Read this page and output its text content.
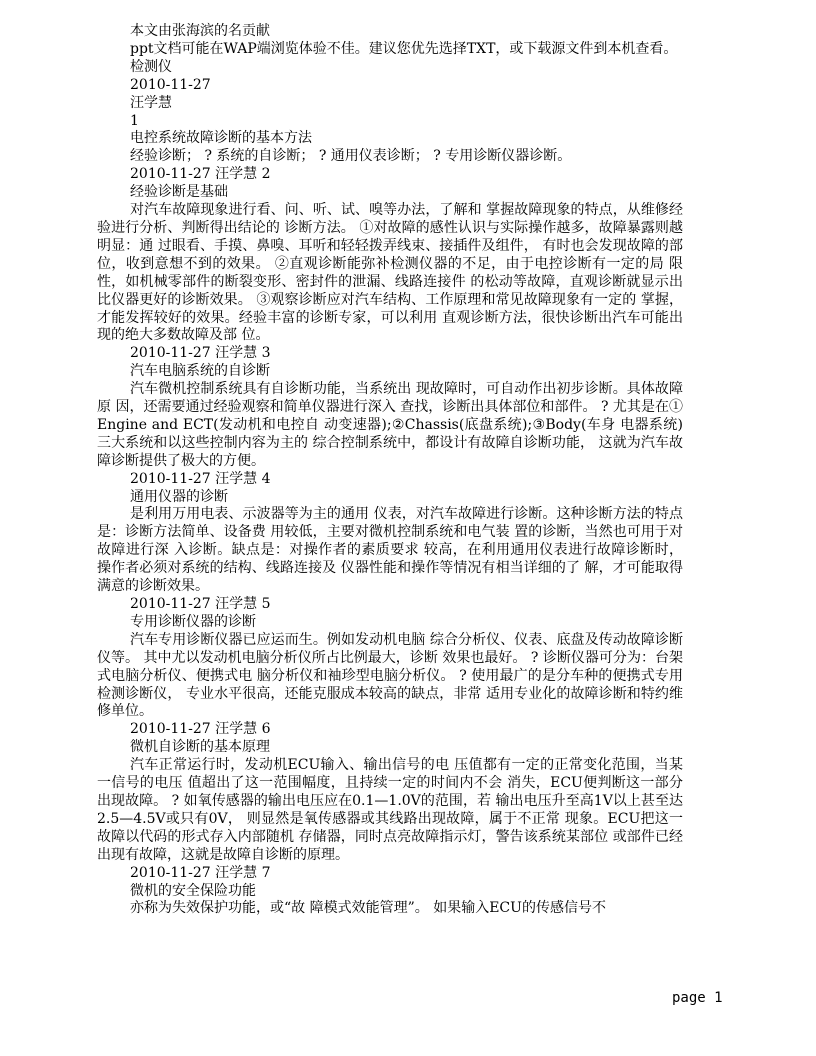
本文由张海滨的名贡献
ppt文档可能在WAP端浏览体验不佳。建议您优先选择TXT，或下载源文件到本机查看。
检测仪
2010-11-27
汪学慧
1
电控系统故障诊断的基本方法
经验诊断； ? 系统的自诊断； ? 通用仪表诊断； ? 专用诊断仪器诊断。
2010-11-27 汪学慧 2
经验诊断是基础
对汽车故障现象进行看、问、听、试、嗅等办法，了解和 掌握故障现象的特点，从维修经验进行分析、判断得出结论的 诊断方法。 ①对故障的感性认识与实际操作越多，故障暴露则越明显：通 过眼看、手摸、鼻嗅、耳听和轻轻拨弄线束、接插件及组件， 有时也会发现故障的部位，收到意想不到的效果。 ②直观诊断能弥补检测仪器的不足，由于电控诊断有一定的局 限性，如机械零部件的断裂变形、密封件的泄漏、线路连接件 的松动等故障，直观诊断就显示出比仪器更好的诊断效果。 ③观察诊断应对汽车结构、工作原理和常见故障现象有一定的 掌握，才能发挥较好的效果。经验丰富的诊断专家，可以利用 直观诊断方法，很快诊断出汽车可能出现的绝大多数故障及部 位。
2010-11-27 汪学慧 3
汽车电脑系统的自诊断
汽车微机控制系统具有自诊断功能，当系统出 现故障时，可自动作出初步诊断。具体故障原 因，还需要通过经验观察和简单仪器进行深入 查找，诊断出具体部位和部件。 ? 尤其是在①Engine and ECT(发动机和电控自 动变速器);②Chassis(底盘系统);③Body(车身 电器系统)三大系统和以这些控制内容为主的 综合控制系统中，都设计有故障自诊断功能， 这就为汽车故障诊断提供了极大的方便。
2010-11-27 汪学慧 4
通用仪器的诊断
是利用万用电表、示波器等为主的通用 仪表，对汽车故障进行诊断。这种诊断方法的特点是：诊断方法简单、设备费 用较低，主要对微机控制系统和电气装 置的诊断，当然也可用于对故障进行深 入诊断。缺点是：对操作者的素质要求 较高，在利用通用仪表进行故障诊断时， 操作者必须对系统的结构、线路连接及 仪器性能和操作等情况有相当详细的了 解，才可能取得满意的诊断效果。
2010-11-27 汪学慧 5
专用诊断仪器的诊断
汽车专用诊断仪器已应运而生。例如发动机电脑 综合分析仪、仪表、底盘及传动故障诊断仪等。 其中尤以发动机电脑分析仪所占比例最大，诊断 效果也最好。 ? 诊断仪器可分为：台架式电脑分析仪、便携式电 脑分析仪和袖珍型电脑分析仪。 ? 使用最广的是分车种的便携式专用检测诊断仪， 专业水平很高，还能克服成本较高的缺点，非常 适用专业化的故障诊断和特约维修单位。
2010-11-27 汪学慧 6
微机自诊断的基本原理
汽车正常运行时，发动机ECU输入、输出信号的电 压值都有一定的正常变化范围，当某一信号的电压 值超出了这一范围幅度，且持续一定的时间内不会 消失，ECU便判断这一部分出现故障。 ? 如氧传感器的输出电压应在0.1—1.0V的范围，若 输出电压升至高1V以上甚至达2.5—4.5V或只有0V， 则显然是氧传感器或其线路出现故障，属于不正常 现象。ECU把这一故障以代码的形式存入内部随机 存储器，同时点亮故障指示灯，警告该系统某部位 或部件已经出现有故障，这就是故障自诊断的原理。
2010-11-27 汪学慧 7
微机的安全保险功能
亦称为失效保护功能，或“故 障模式效能管理”。 如果输入ECU的传感信号不
page 1
